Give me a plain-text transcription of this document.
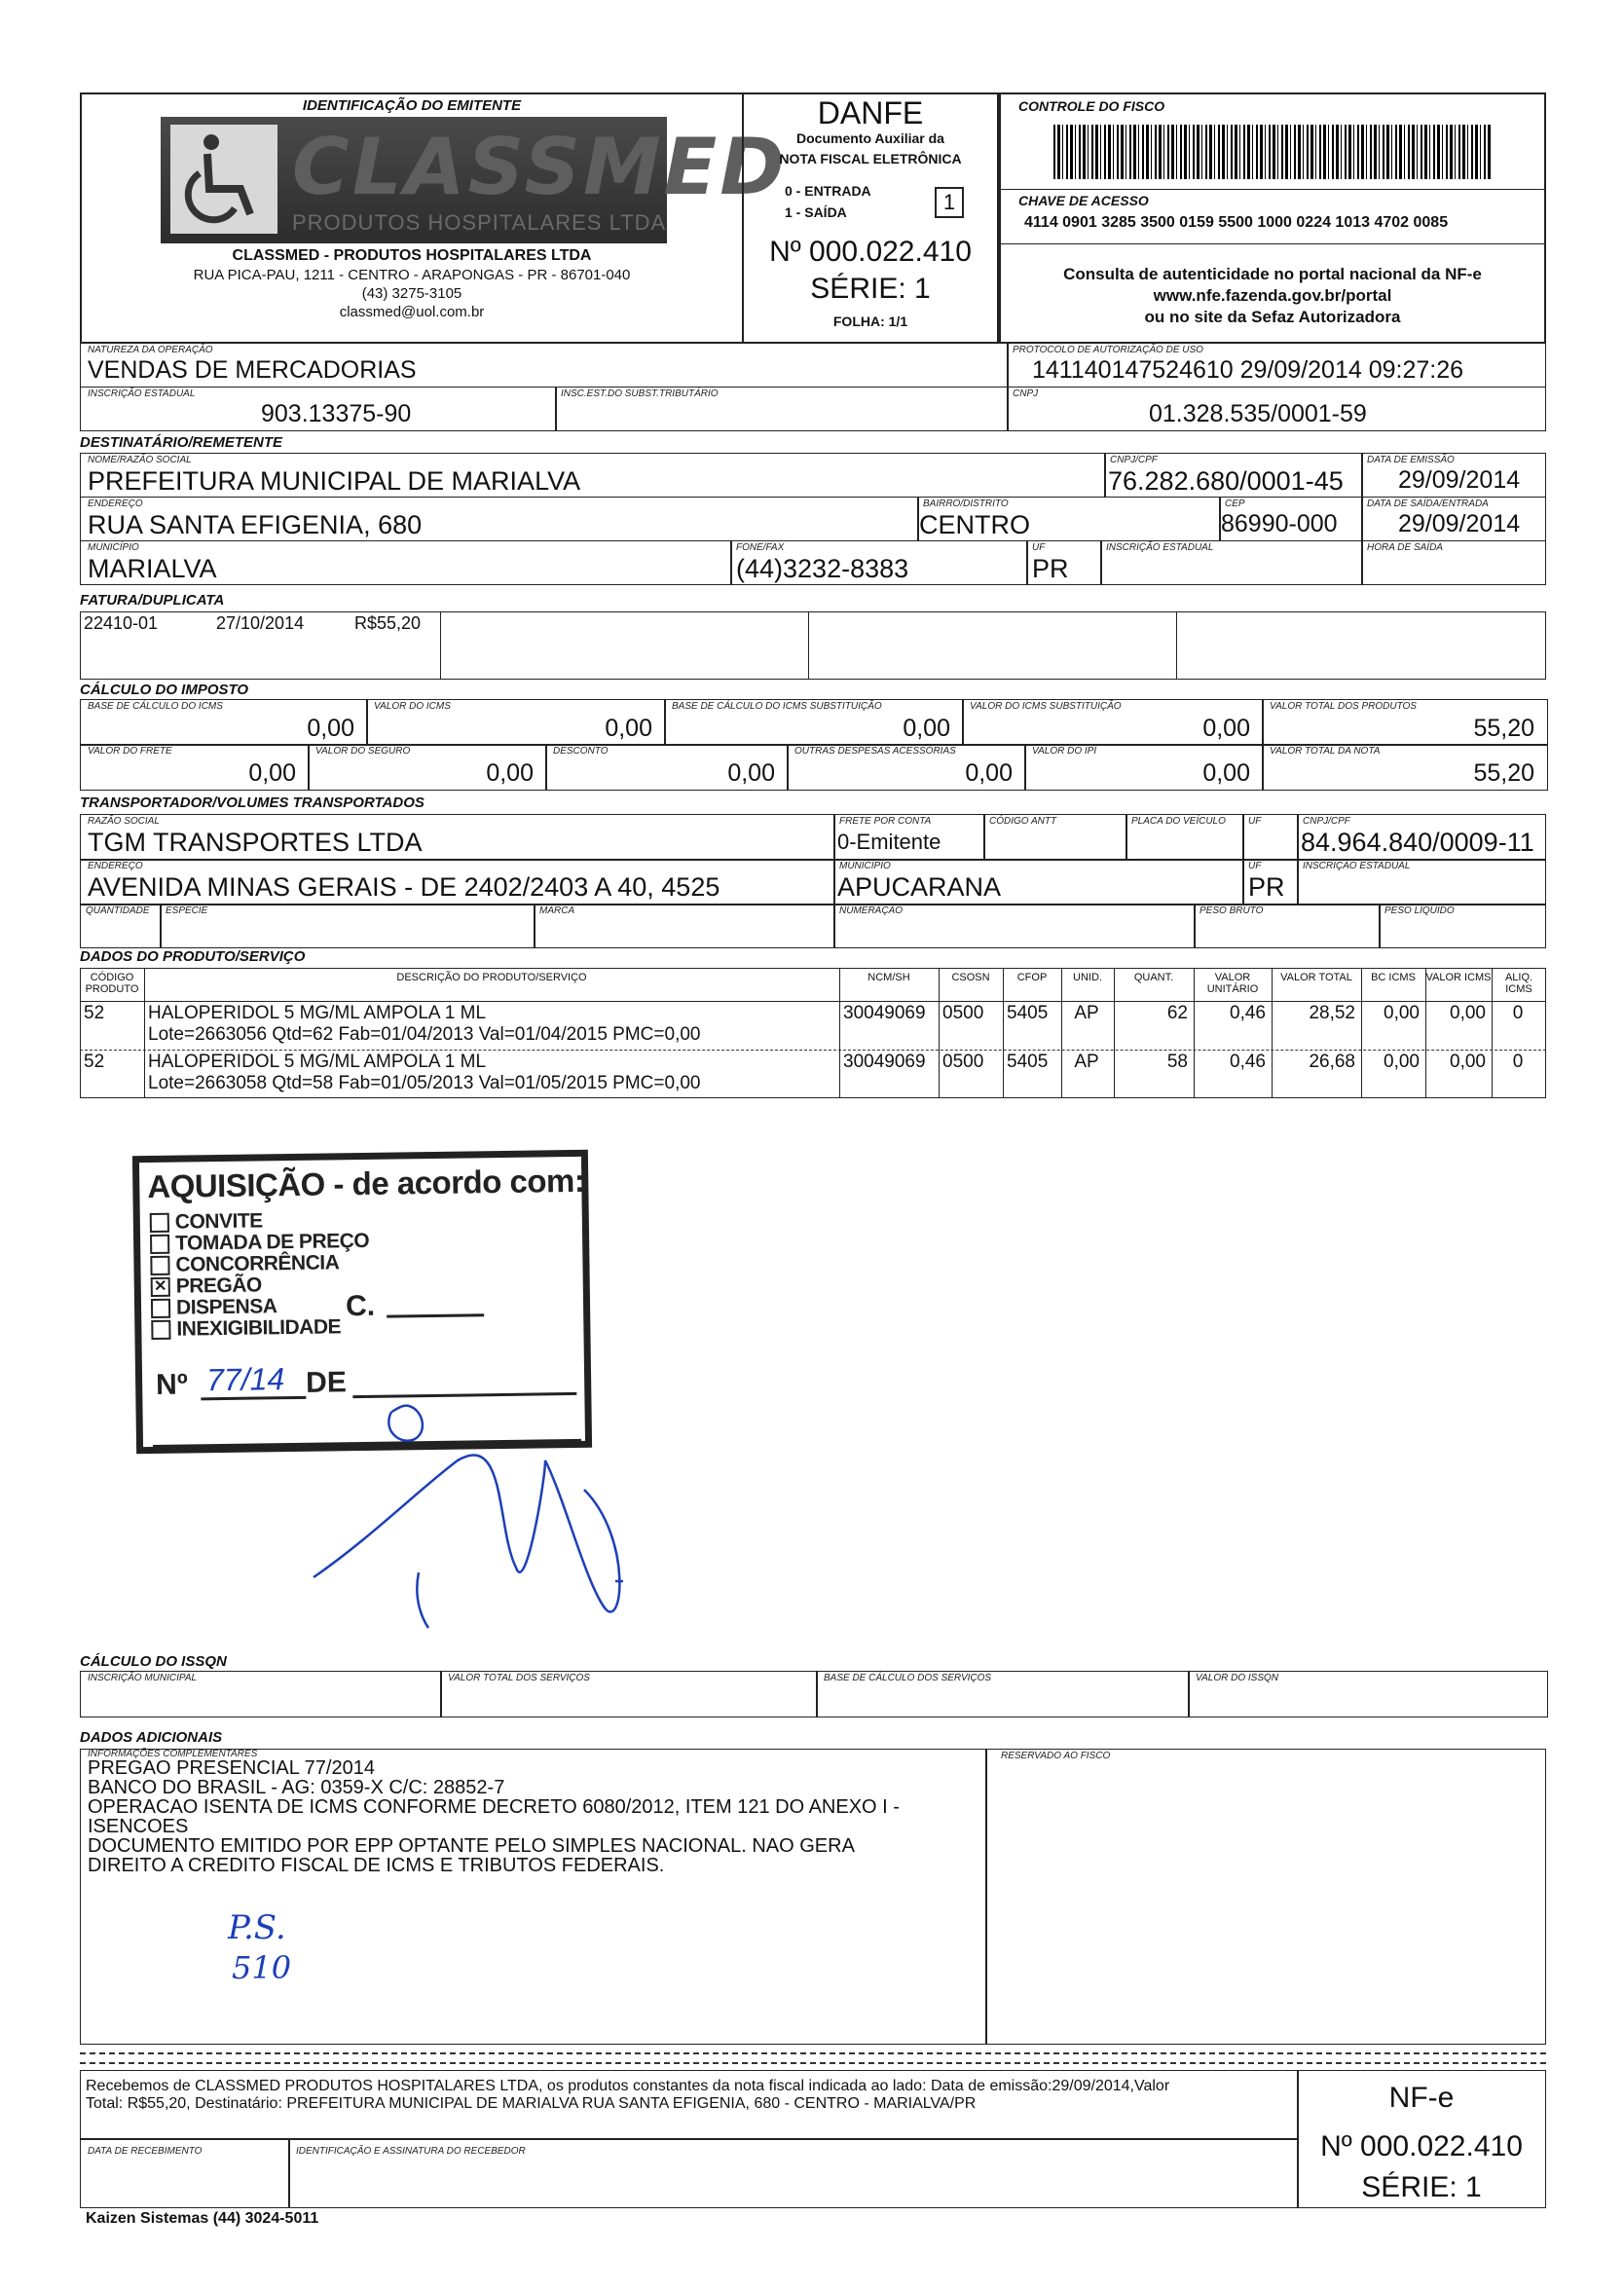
IDENTIFICAÇÃO DO EMITENTE
CLASSMED
PRODUTOS HOSPITALARES LTDA
CLASSMED - PRODUTOS HOSPITALARES LTDA
RUA PICA-PAU, 1211 - CENTRO - ARAPONGAS - PR - 86701-040
(43) 3275-3105
classmed@uol.com.br
DANFE
Documento Auxiliar da
NOTA FISCAL ELETRÔNICA
0 - ENTRADA
1 - SAÍDA	1
Nº 000.022.410
SÉRIE: 1
FOLHA: 1/1
CONTROLE DO FISCO
CHAVE DE ACESSO
4114 0901 3285 3500 0159 5500 1000 0224 1013 4702 0085
Consulta de autenticidade no portal nacional da NF-e
www.nfe.fazenda.gov.br/portal
ou no site da Sefaz Autorizadora
NATUREZA DA OPERAÇÃO
VENDAS DE MERCADORIAS
PROTOCOLO DE AUTORIZAÇÃO DE USO
141140147524610 29/09/2014 09:27:26
INSCRIÇÃO ESTADUAL
903.13375-90
INSC.EST.DO SUBST.TRIBUTÁRIO	CNPJ
01.328.535/0001-59
DESTINATÁRIO/REMETENTE
NOME/RAZÃO SOCIAL
PREFEITURA MUNICIPAL DE MARIALVA
CNPJ/CPF
76.282.680/0001-45
DATA DE EMISSÃO
29/09/2014
ENDEREÇO
RUA SANTA EFIGENIA, 680
BAIRRO/DISTRITO
CENTRO
CEP
86990-000
DATA DE SAÍDA/ENTRADA
29/09/2014
MUNICÍPIO
MARIALVA
FONE/FAX
(44)3232-8383
UF
PR
INSCRIÇÃO ESTADUAL	HORA DE SAÍDA
FATURA/DUPLICATA
22410-01	27/10/2014	R$55,20
CÁLCULO DO IMPOSTO
BASE DE CÁLCULO DO ICMS
0,00
VALOR DO ICMS
0,00
BASE DE CÁLCULO DO ICMS SUBSTITUIÇÃO
0,00
VALOR DO ICMS SUBSTITUIÇÃO
0,00
VALOR TOTAL DOS PRODUTOS
55,20
VALOR DO FRETE
0,00
VALOR DO SEGURO
0,00
DESCONTO
0,00
OUTRAS DESPESAS ACESSÓRIAS
0,00
VALOR DO IPI
0,00
VALOR TOTAL DA NOTA
55,20
TRANSPORTADOR/VOLUMES TRANSPORTADOS
RAZÃO SOCIAL
TGM TRANSPORTES LTDA
FRETE POR CONTA
0-Emitente
CÓDIGO ANTT	PLACA DO VEÍCULO UF	CNPJ/CPF
84.964.840/0009-11
ENDEREÇO
AVENIDA MINAS GERAIS - DE 2402/2403 A 40, 4525
MUNICÍPIO
APUCARANA
UF
PR
INSCRIÇÃO ESTADUAL
QUANTIDADE ESPÉCIE	MARCA	NUMERAÇÃO	PESO BRUTO	PESO LÍQUIDO
DADOS DO PRODUTO/SERVIÇO
CÓDIGO PRODUTO
DESCRIÇÃO DO PRODUTO/SERVIÇO	NCM/SH	CSOSN	CFOP	UNID.	QUANT.	VALOR UNITÁRIO
VALOR TOTAL	BC ICMS VALOR ICMS	ALIQ. ICMS
52	HALOPERIDOL 5 MG/ML AMPOLA 1 ML
Lote=2663056 Qtd=62 Fab=01/04/2013 Val=01/04/2015 PMC=0,00
30049069 0500	5405	AP	62	0,46	28,52	0,00	0,00	0
52	HALOPERIDOL 5 MG/ML AMPOLA 1 ML
Lote=2663058 Qtd=58 Fab=01/05/2013 Val=01/05/2015 PMC=0,00
30049069 0500	5405	AP	58	0,46	26,68	0,00	0,00	0
AQUISIÇÃO - de acordo com:
CONVITE
TOMADA DE PREÇO
CONCORRÊNCIA
✕ PREGÃO
DISPENSA
INEXIGIBILIDADE
C.
Nº 77/14 DE
CÁLCULO DO ISSQN
INSCRIÇÃO MUNICIPAL	VALOR TOTAL DOS SERVIÇOS	BASE DE CÁLCULO DOS SERVIÇOS	VALOR DO ISSQN
DADOS ADICIONAIS
INFORMAÇÕES COMPLEMENTARES
PREGAO PRESENCIAL 77/2014
BANCO DO BRASIL - AG: 0359-X C/C: 28852-7
OPERACAO ISENTA DE ICMS CONFORME DECRETO 6080/2012, ITEM 121 DO ANEXO I -
ISENCOES
DOCUMENTO EMITIDO POR EPP OPTANTE PELO SIMPLES NACIONAL. NAO GERA
DIREITO A CREDITO FISCAL DE ICMS E TRIBUTOS FEDERAIS.
P.S.
510
RESERVADO AO FISCO
Recebemos de CLASSMED PRODUTOS HOSPITALARES LTDA, os produtos constantes da nota fiscal indicada ao lado: Data de emissão:29/09/2014,Valor
Total: R$55,20, Destinatário: PREFEITURA MUNICIPAL DE MARIALVA RUA SANTA EFIGENIA, 680 - CENTRO - MARIALVA/PR
DATA DE RECEBIMENTO	IDENTIFICAÇÃO E ASSINATURA DO RECEBEDOR
NF-e
Nº 000.022.410
SÉRIE: 1
Kaizen Sistemas (44) 3024-5011
